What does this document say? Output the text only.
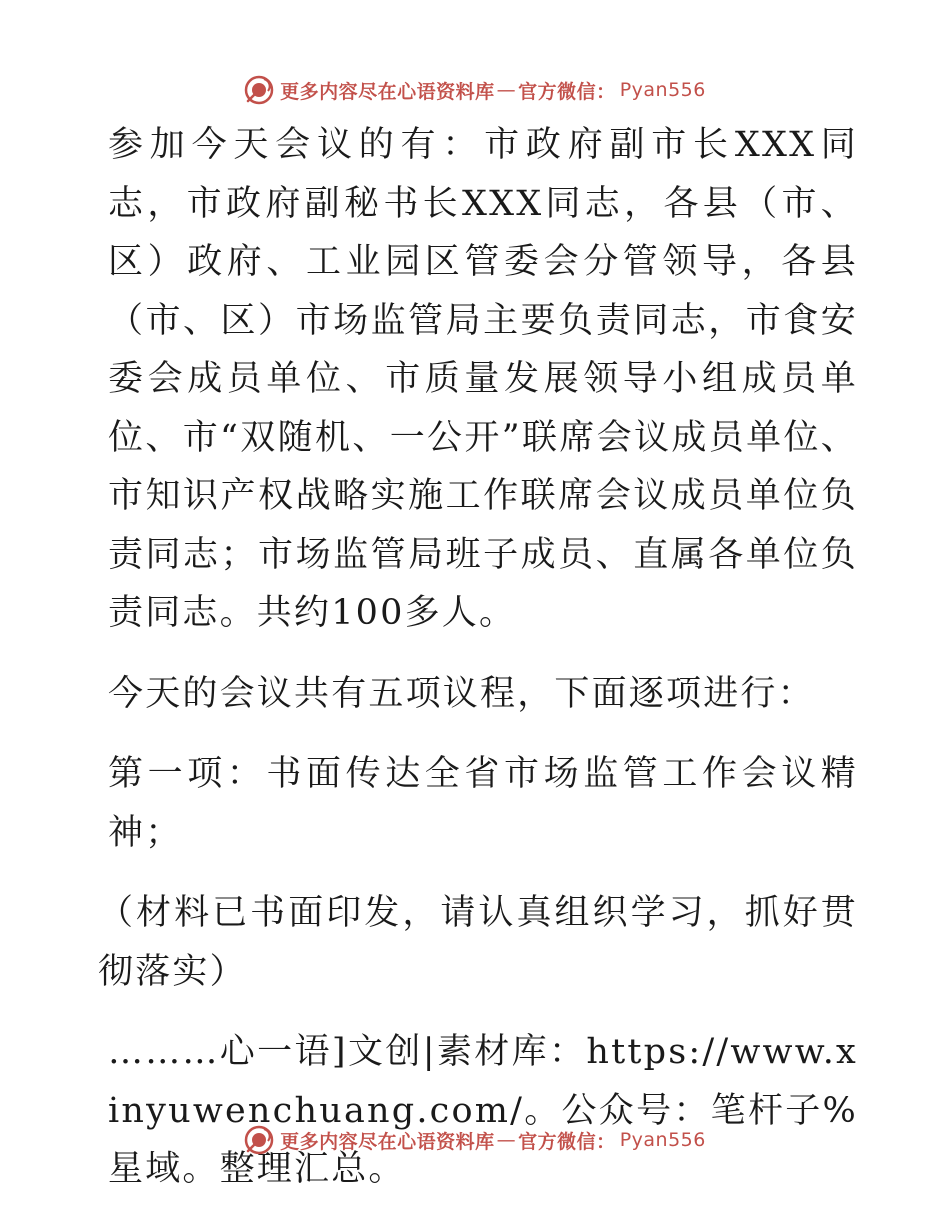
更多内容尽在心语资料库 — 官方微信： Pyan556

参加今天会议的有：市政府副市长XXX同志，市政府副秘书长XXX同志，各县（市、区）政府、工业园区管委会分管领导，各县（市、区）市场监管局主要负责同志，市食安委会成员单位、市质量发展领导小组成员单位、市“双随机、一公开”联席会议成员单位、市知识产权战略实施工作联席会议成员单位负责同志；市场监管局班子成员、直属各单位负责同志。共约100多人。

今天的会议共有五项议程，下面逐项进行：

第一项：书面传达全省市场监管工作会议精神；

（材料已书面印发，请认真组织学习，抓好贯彻落实）

………心一语]文创|素材库：https://www.xinyuwenchuang.com/。公众号：笔杆子%星域。整理汇总。

更多内容尽在心语资料库 — 官方微信： Pyan556
